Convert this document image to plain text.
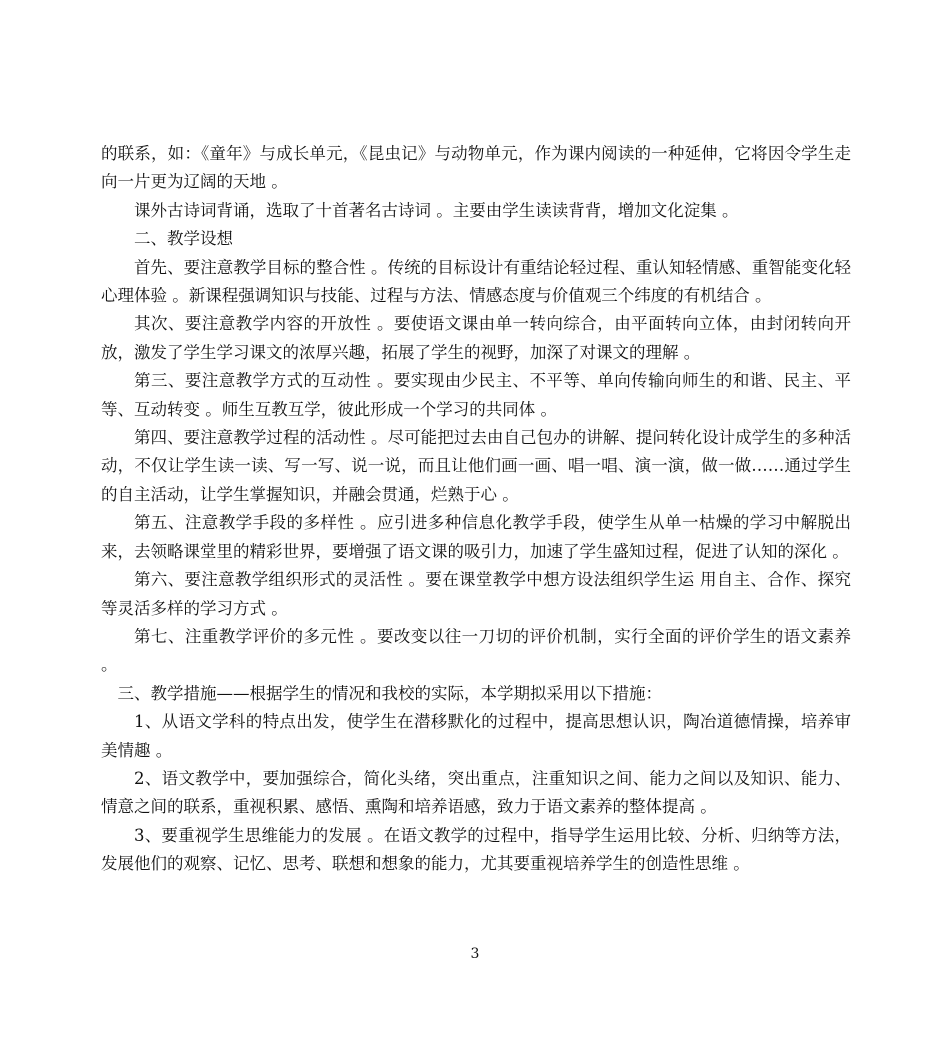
的联系，如：《童年》与成长单元，《昆虫记》与动物单元，作为课内阅读的一种延伸，它将因令学生走向一片更为辽阔的天地 。

课外古诗词背诵，选取了十首著名古诗词 。主要由学生读读背背，增加文化淀集 。

二、教学设想

首先、要注意教学目标的整合性 。传统的目标设计有重结论轻过程、重认知轻情感、重智能变化轻心理体验 。新课程强调知识与技能、过程与方法、情感态度与价值观三个纬度的有机结合 。

其次、要注意教学内容的开放性 。要使语文课由单一转向综合，由平面转向立体，由封闭转向开放，激发了学生学习课文的浓厚兴趣，拓展了学生的视野，加深了对课文的理解 。

第三、要注意教学方式的互动性 。要实现由少民主、不平等、单向传输向师生的和谐、民主、平等、互动转变 。师生互教互学，彼此形成一个学习的共同体 。

第四、要注意教学过程的活动性 。尽可能把过去由自己包办的讲解、提问转化设计成学生的多种活动，不仅让学生读一读、写一写、说一说，而且让他们画一画、唱一唱、演一演，做一做……通过学生的自主活动，让学生掌握知识，并融会贯通，烂熟于心 。

第五、注意教学手段的多样性 。应引进多种信息化教学手段，使学生从单一枯燥的学习中解脱出来，去领略课堂里的精彩世界，要增强了语文课的吸引力，加速了学生盛知过程，促进了认知的深化 。

第六、要注意教学组织形式的灵活性 。要在课堂教学中想方设法组织学生运 用自主、合作、探究等灵活多样的学习方式 。

第七、注重教学评价的多元性 。要改变以往一刀切的评价机制，实行全面的评价学生的语文素养 。

三、教学措施——根据学生的情况和我校的实际，本学期拟采用以下措施：

1、从语文学科的特点出发，使学生在潜移默化的过程中，提高思想认识，陶冶道德情操，培养审美情趣 。

2、语文教学中，要加强综合，简化头绪，突出重点，注重知识之间、能力之间以及知识、能力、情意之间的联系，重视积累、感悟、熏陶和培养语感，致力于语文素养的整体提高 。

3、要重视学生思维能力的发展 。在语文教学的过程中，指导学生运用比较、分析、归纳等方法，发展他们的观察、记忆、思考、联想和想象的能力，尤其要重视培养学生的创造性思维 。

3
